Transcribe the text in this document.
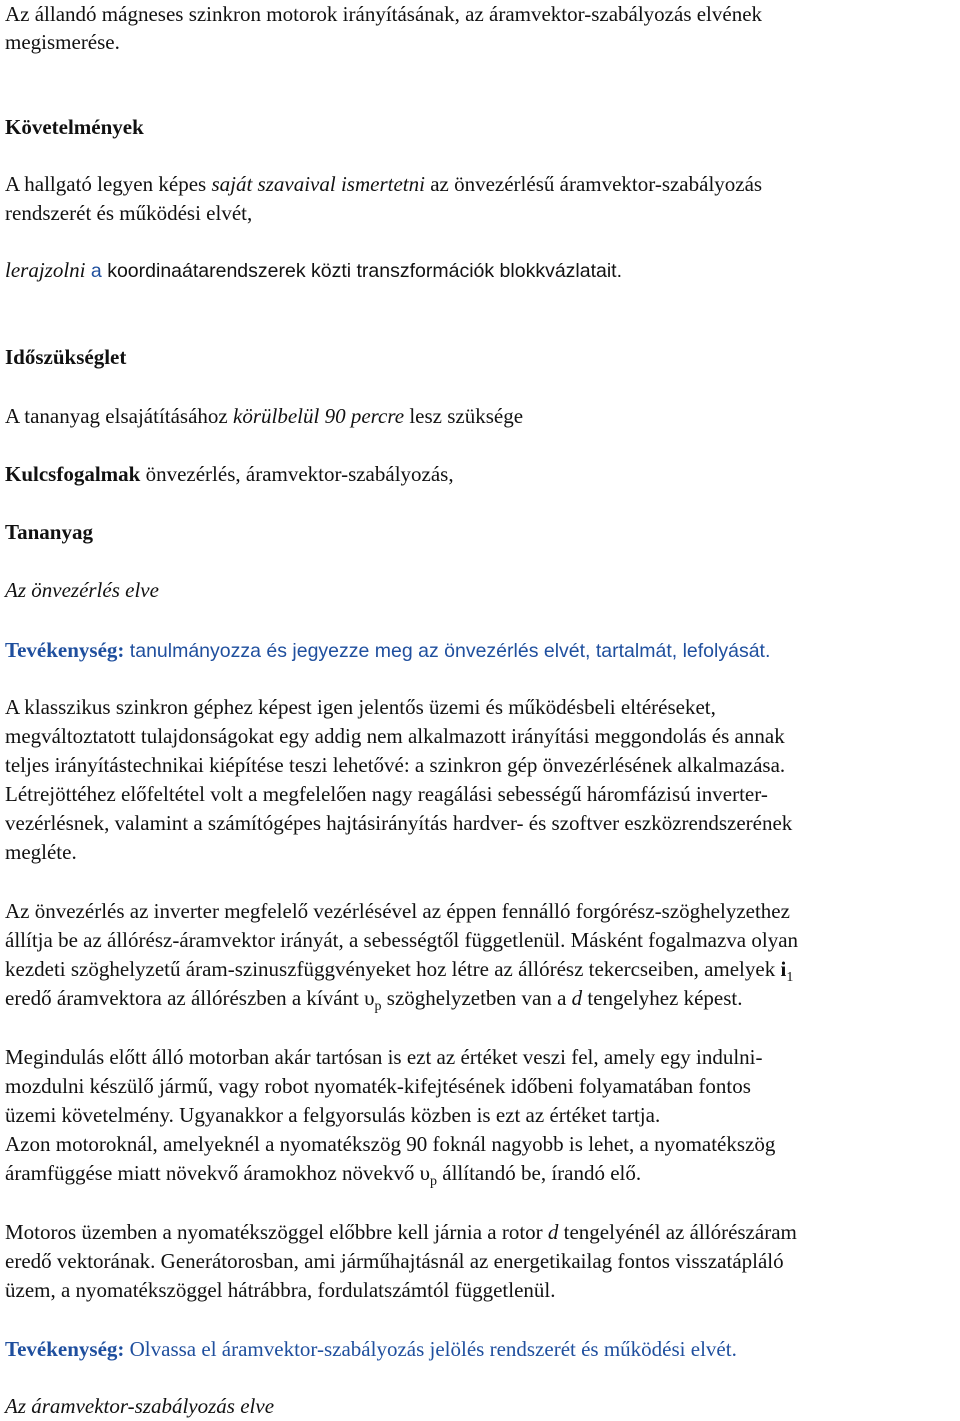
Az állandó mágneses szinkron motorok irányításának, az áramvektor-szabályozás elvének
megismerése.
Követelmények
A hallgató legyen képes saját szavaival ismertetni az önvezérlésű áramvektor-szabályozás
rendszerét és működési elvét,
lerajzolni a koordinaátarendszerek közti transzformációk blokkvázlatait.
Időszükséglet
A tananyag elsajátításához körülbelül 90 percre lesz szüksége
Kulcsfogalmak önvezérlés, áramvektor-szabályozás,
Tananyag
Az önvezérlés elve
Tevékenység: tanulmányozza és jegyezze meg az önvezérlés elvét, tartalmát, lefolyását.
A klasszikus szinkron géphez képest igen jelentős üzemi és működésbeli eltéréseket,
megváltoztatott tulajdonságokat egy addig nem alkalmazott irányítási meggondolás és annak
teljes irányítástechnikai kiépítése teszi lehetővé: a szinkron gép önvezérlésének alkalmazása.
Létrejöttéhez előfeltétel volt a megfelelően nagy reagálási sebességű háromfázisú inverter-
vezérlésnek, valamint a számítógépes hajtásirányítás hardver- és szoftver eszközrendszerének
megléte.
Az önvezérlés az inverter megfelelő vezérlésével az éppen fennálló forgórész-szöghelyzethez
állítja be az állórész-áramvektor irányát, a sebességtől függetlenül. Másként fogalmazva olyan
kezdeti szöghelyzetű áram-szinuszfüggvényeket hoz létre az állórész tekercseiben, amelyek $i_1$
eredő áramvektora az állórészben a kívánt $\upsilon_p$ szöghelyzetben van a d tengelyhez képest.
Megindulás előtt álló motorban akár tartósan is ezt az értéket veszi fel, amely egy indulni-
mozdulni készülő jármű, vagy robot nyomaték-kifejtésének időbeni folyamatában fontos
üzemi követelmény. Ugyanakkor a felgyorsulás közben is ezt az értéket tartja.
Azon motoroknál, amelyeknél a nyomatékszög 90 foknál nagyobb is lehet, a nyomatékszög
áramfüggése miatt növekvő áramokhoz növekvő $\upsilon_p$ állítandó be, írandó elő.
Motoros üzemben a nyomatékszöggel előbbre kell járnia a rotor d tengelyénél az állórészáram
eredő vektorának. Generátorosban, ami járműhajtásnál az energetikailag fontos visszatápláló
üzem, a nyomatékszöggel hátrábbra, fordulatszámtól függetlenül.
Tevékenység: Olvassa el áramvektor-szabályozás jelölés rendszerét és működési elvét.
Az áramvektor-szabályozás elve
